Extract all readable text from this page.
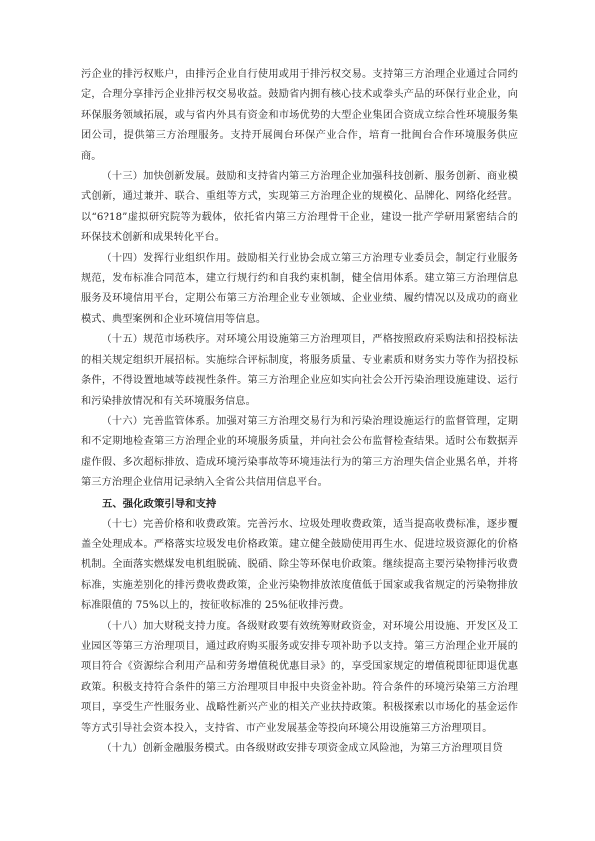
污企业的排污权账户，由排污企业自行使用或用于排污权交易。支持第三方治理企业通过合同约定，合理分享排污企业排污权交易收益。鼓励省内拥有核心技术或拳头产品的环保行业企业，向环保服务领域拓展，或与省内外具有资金和市场优势的大型企业集团合资成立综合性环境服务集团公司，提供第三方治理服务。支持开展闽台环保产业合作，培育一批闽台合作环境服务供应商。

（十三）加快创新发展。鼓励和支持省内第三方治理企业加强科技创新、服务创新、商业模式创新，通过兼并、联合、重组等方式，实现第三方治理企业的规模化、品牌化、网络化经营。以“6?18”虚拟研究院等为载体，依托省内第三方治理骨干企业，建设一批产学研用紧密结合的环保技术创新和成果转化平台。

（十四）发挥行业组织作用。鼓励相关行业协会成立第三方治理专业委员会，制定行业服务规范，发布标准合同范本，建立行规行约和自我约束机制，健全信用体系。建立第三方治理信息服务及环境信用平台，定期公布第三方治理企业专业领域、企业业绩、履约情况以及成功的商业模式、典型案例和企业环境信用等信息。

（十五）规范市场秩序。对环境公用设施第三方治理项目，严格按照政府采购法和招投标法的相关规定组织开展招标。实施综合评标制度，将服务质量、专业素质和财务实力等作为招投标条件，不得设置地域等歧视性条件。第三方治理企业应如实向社会公开污染治理设施建设、运行和污染排放情况和有关环境服务信息。

（十六）完善监管体系。加强对第三方治理交易行为和污染治理设施运行的监督管理，定期和不定期地检查第三方治理企业的环境服务质量，并向社会公布监督检查结果。适时公布数据弄虚作假、多次超标排放、造成环境污染事故等环境违法行为的第三方治理失信企业黑名单，并将第三方治理企业信用记录纳入全省公共信用信息平台。

五、强化政策引导和支持

（十七）完善价格和收费政策。完善污水、垃圾处理收费政策，适当提高收费标准，逐步覆盖全处理成本。严格落实垃圾发电价格政策。建立健全鼓励使用再生水、促进垃圾资源化的价格机制。全面落实燃煤发电机组脱硫、脱硝、除尘等环保电价政策。继续提高主要污染物排污收费标准，实施差别化的排污费收费政策，企业污染物排放浓度值低于国家或我省规定的污染物排放标准限值的 75%以上的，按征收标准的 25%征收排污费。

（十八）加大财税支持力度。各级财政要有效统筹财政资金，对环境公用设施、开发区及工业园区等第三方治理项目，通过政府购买服务或安排专项补助予以支持。第三方治理企业开展的项目符合《资源综合利用产品和劳务增值税优惠目录》的，享受国家规定的增值税即征即退优惠政策。积极支持符合条件的第三方治理项目申报中央资金补助。符合条件的环境污染第三方治理项目，享受生产性服务业、战略性新兴产业的相关产业扶持政策。积极探索以市场化的基金运作等方式引导社会资本投入，支持省、市产业发展基金等投向环境公用设施第三方治理项目。

（十九）创新金融服务模式。由各级财政安排专项资金成立风险池，为第三方治理项目贷
